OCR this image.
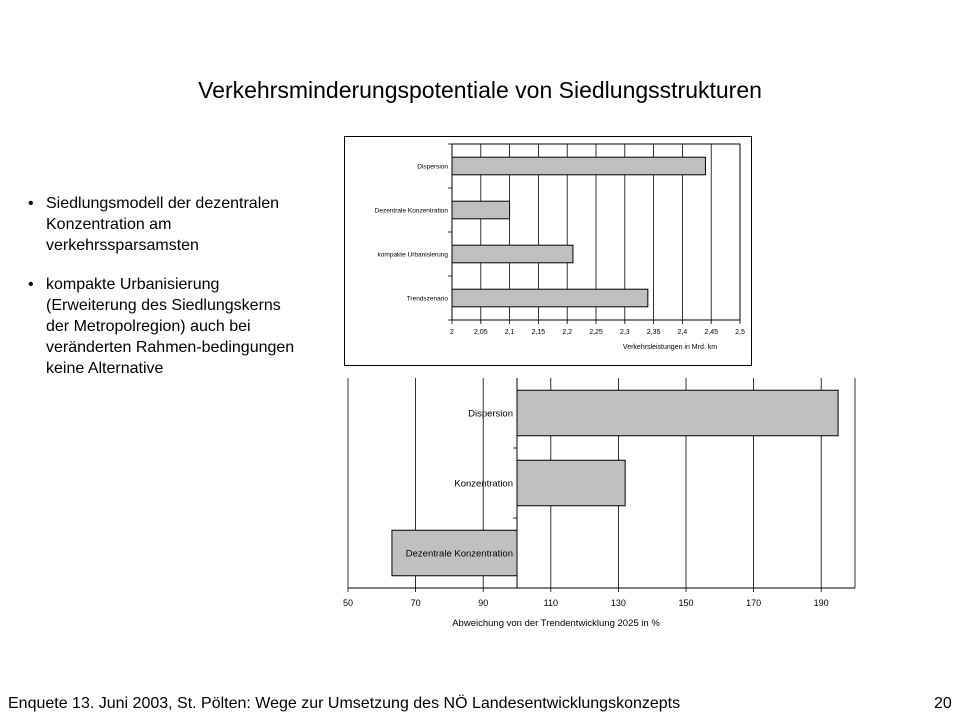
Verkehrsminderungspotentiale von Siedlungsstrukturen
• Siedlungsmodell der dezentralen Konzentration am verkehrssparsamsten
• kompakte Urbanisierung (Erweiterung des Siedlungskerns der Metropolregion) auch bei veränderten Rahmen-bedingungen keine Alternative
2	2,05 2,1 2,15 2,2 2,25 2,3 2,35 2,4 2,45 2,5
Dispersion
Dezentrale Konzentration
kompakte Urbanisierung
Trendszenario
Verkehrsleistungen in Mrd. km
50	70	90	110	130	150	170	190
Dispersion
Konzentration
Dezentrale Konzentration
Abweichung von der Trendentwicklung 2025 in %
Enquete 13. Juni 2003, St. Pölten: Wege zur Umsetzung des NÖ Landesentwicklungskonzepts	20
